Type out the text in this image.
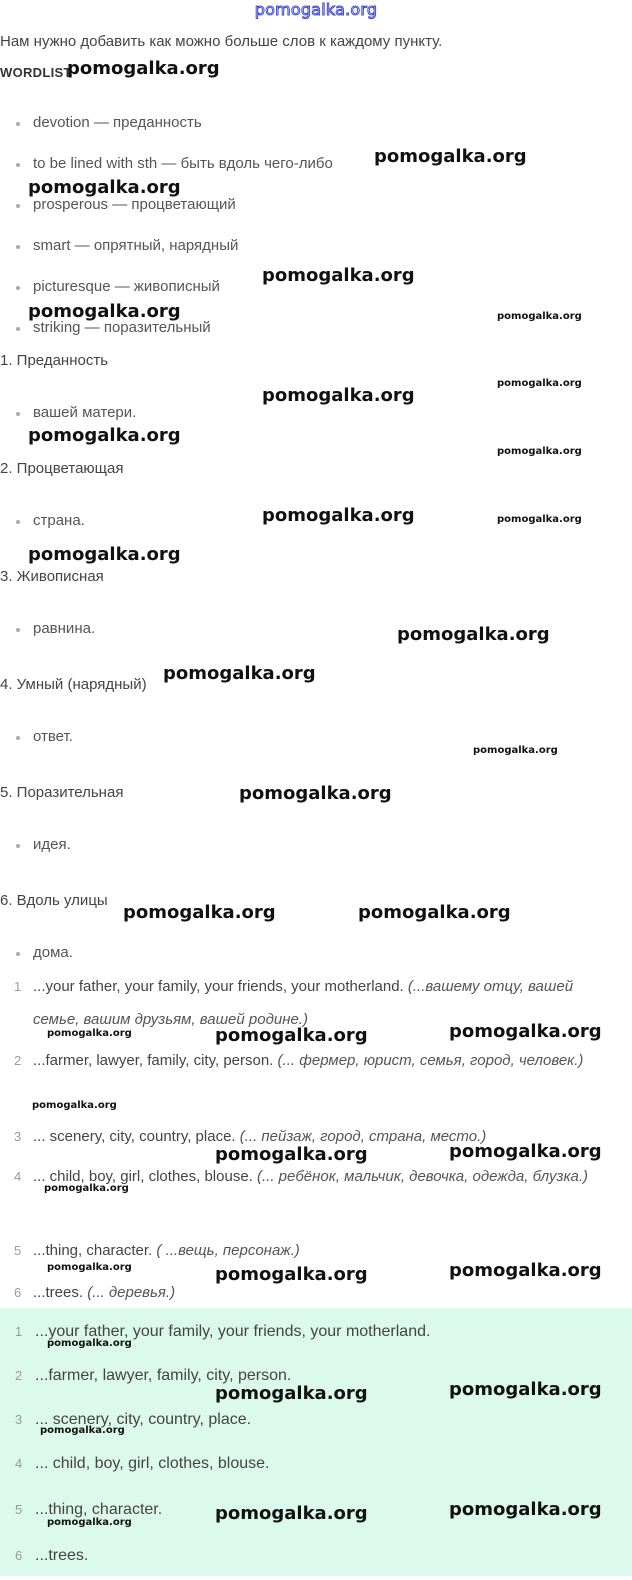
pomogalka.org
Нам нужно добавить как можно больше слов к каждому пункту.
WORDLIST
devotion — преданность
to be lined with sth — быть вдоль чего-либо
prosperous — процветающий
smart — опрятный, нарядный
picturesque — живописный
striking — поразительный
1. Преданность
вашей матери.
2. Процветающая
страна.
3. Живописная
равнина.
4. Умный (нарядный)
ответ.
5. Поразительная
идея.
6. Вдоль улицы
дома.
1 ...your father, your family, your friends, your motherland. (...вашему отцу, вашей семье, вашим друзьям, вашей родине.)
2 ...farmer, lawyer, family, city, person. (... фермер, юрист, семья, город, человек.)
3 ... scenery, city, country, place. (... пейзаж, город, страна, место.)
4 ... child, boy, girl, clothes, blouse. (... ребёнок, мальчик, девочка, одежда, блузка.)
5 ...thing, character. ( ...вещь, персонаж.)
6 ...trees. (... деревья.)
1 ...your father, your family, your friends, your motherland.
2 ...farmer, lawyer, family, city, person.
3 ... scenery, city, country, place.
4 ... child, boy, girl, clothes, blouse.
5 ...thing, character.
6 ...trees.
pomogalka.org
pomogalka.org
pomogalka.org
pomogalka.org
pomogalka.org	pomogalka.org
pomogalka.org
pomogalka.org
pomogalka.org
pomogalka.org
pomogalka.org	pomogalka.org
pomogalka.org
pomogalka.org
pomogalka.org
pomogalka.org
pomogalka.org
pomogalka.org	pomogalka.org
pomogalka.org	pomogalka.org	pomogalka.org
pomogalka.org
pomogalka.org	pomogalka.org
pomogalka.org
pomogalka.org	pomogalka.org	pomogalka.org
pomogalka.org
pomogalka.org	pomogalka.org
pomogalka.org
pomogalka.org	pomogalka.org
pomogalka.org
